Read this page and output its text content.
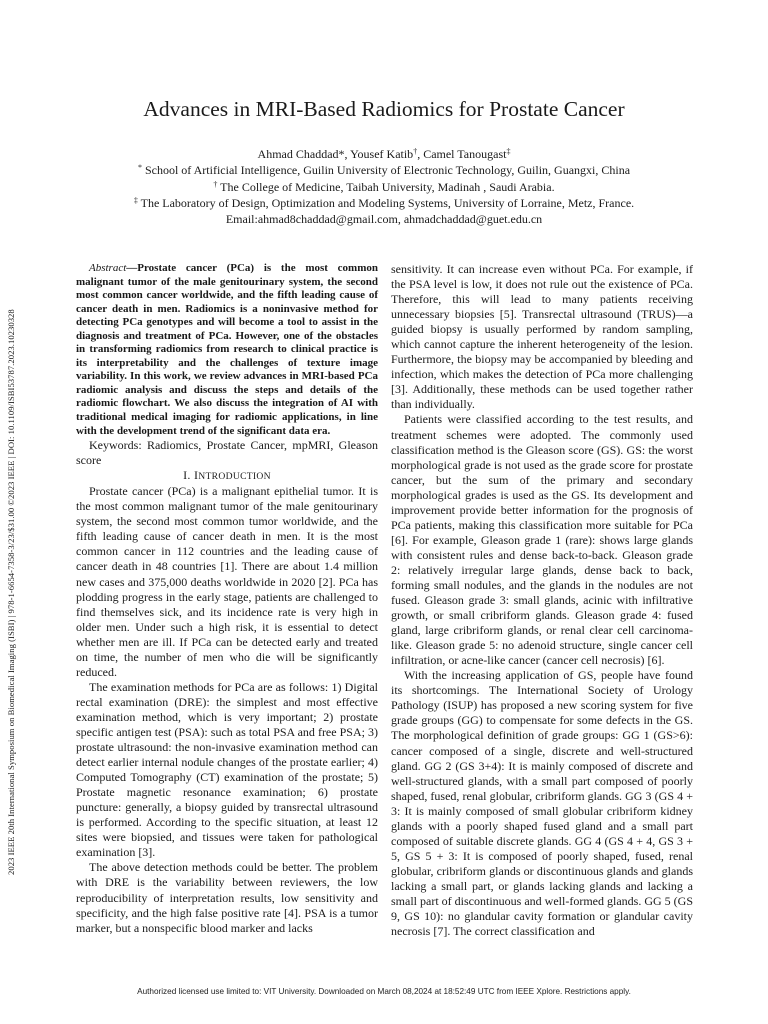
2023 IEEE 20th International Symposium on Biomedical Imaging (ISBI) | 978-1-6654-7358-3/23/$31.00 ©2023 IEEE | DOI: 10.1109/ISBI53787.2023.10230328
Advances in MRI-Based Radiomics for Prostate Cancer
Ahmad Chaddad*, Yousef Katib†, Camel Tanougast‡
* School of Artificial Intelligence, Guilin University of Electronic Technology, Guilin, Guangxi, China
† The College of Medicine, Taibah University, Madinah , Saudi Arabia.
‡ The Laboratory of Design, Optimization and Modeling Systems, University of Lorraine, Metz, France.
Email:ahmad8chaddad@gmail.com, ahmadchaddad@guet.edu.cn

Abstract—Prostate cancer (PCa) is the most common malignant tumor of the male genitourinary system, the second most common cancer worldwide, and the fifth leading cause of cancer death in men. Radiomics is a noninvasive method for detecting PCa genotypes and will become a tool to assist in the diagnosis and treatment of PCa. However, one of the obstacles in transforming radiomics from research to clinical practice is its interpretability and the challenges of texture image variability. In this work, we review advances in MRI-based PCa radiomic analysis and discuss the steps and details of the radiomic flowchart. We also discuss the integration of AI with traditional medical imaging for radiomic applications, in line with the development trend of the significant data era.

Keywords: Radiomics, Prostate Cancer, mpMRI, Gleason score

I. INTRODUCTION

Prostate cancer (PCa) is a malignant epithelial tumor. It is the most common malignant tumor of the male genitourinary system, the second most common tumor worldwide, and the fifth leading cause of cancer death in men. It is the most common cancer in 112 countries and the leading cause of cancer death in 48 countries [1]. There are about 1.4 million new cases and 375,000 deaths worldwide in 2020 [2]. PCa has plodding progress in the early stage, patients are challenged to find themselves sick, and its incidence rate is very high in older men. Under such a high risk, it is essential to detect whether men are ill. If PCa can be detected early and treated on time, the number of men who die will be significantly reduced.

The examination methods for PCa are as follows: 1) Digital rectal examination (DRE): the simplest and most effective examination method, which is very important; 2) prostate specific antigen test (PSA): such as total PSA and free PSA; 3) prostate ultrasound: the non-invasive examination method can detect earlier internal nodule changes of the prostate earlier; 4) Computed Tomography (CT) examination of the prostate; 5) Prostate magnetic resonance examination; 6) prostate puncture: generally, a biopsy guided by transrectal ultrasound is performed. According to the specific situation, at least 12 sites were biopsied, and tissues were taken for pathological examination [3].

The above detection methods could be better. The problem with DRE is the variability between reviewers, the low reproducibility of interpretation results, low sensitivity and specificity, and the high false positive rate [4]. PSA is a tumor marker, but a nonspecific blood marker and lacks

sensitivity. It can increase even without PCa. For example, if the PSA level is low, it does not rule out the existence of PCa. Therefore, this will lead to many patients receiving unnecessary biopsies [5]. Transrectal ultrasound (TRUS)—a guided biopsy is usually performed by random sampling, which cannot capture the inherent heterogeneity of the lesion. Furthermore, the biopsy may be accompanied by bleeding and infection, which makes the detection of PCa more challenging [3]. Additionally, these methods can be used together rather than individually.

Patients were classified according to the test results, and treatment schemes were adopted. The commonly used classification method is the Gleason score (GS). GS: the worst morphological grade is not used as the grade score for prostate cancer, but the sum of the primary and secondary morphological grades is used as the GS. Its development and improvement provide better information for the prognosis of PCa patients, making this classification more suitable for PCa [6]. For example, Gleason grade 1 (rare): shows large glands with consistent rules and dense back-to-back. Gleason grade 2: relatively irregular large glands, dense back to back, forming small nodules, and the glands in the nodules are not fused. Gleason grade 3: small glands, acinic with infiltrative growth, or small cribriform glands. Gleason grade 4: fused gland, large cribriform glands, or renal clear cell carcinoma-like. Gleason grade 5: no adenoid structure, single cancer cell infiltration, or acne-like cancer (cancer cell necrosis) [6].

With the increasing application of GS, people have found its shortcomings. The International Society of Urology Pathology (ISUP) has proposed a new scoring system for five grade groups (GG) to compensate for some defects in the GS. The morphological definition of grade groups: GG 1 (GS>6): cancer composed of a single, discrete and well-structured gland. GG 2 (GS 3+4): It is mainly composed of discrete and well-structured glands, with a small part composed of poorly shaped, fused, renal globular, cribriform glands. GG 3 (GS 4 + 3: It is mainly composed of small globular cribriform kidney glands with a poorly shaped fused gland and a small part composed of suitable discrete glands. GG 4 (GS 4 + 4, GS 3 + 5, GS 5 + 3: It is composed of poorly shaped, fused, renal globular, cribriform glands or discontinuous glands and glands lacking a small part, or glands lacking glands and lacking a small part of discontinuous and well-formed glands. GG 5 (GS 9, GS 10): no glandular cavity formation or glandular cavity necrosis [7]. The correct classification and

Authorized licensed use limited to: VIT University. Downloaded on March 08,2024 at 18:52:49 UTC from IEEE Xplore. Restrictions apply.
